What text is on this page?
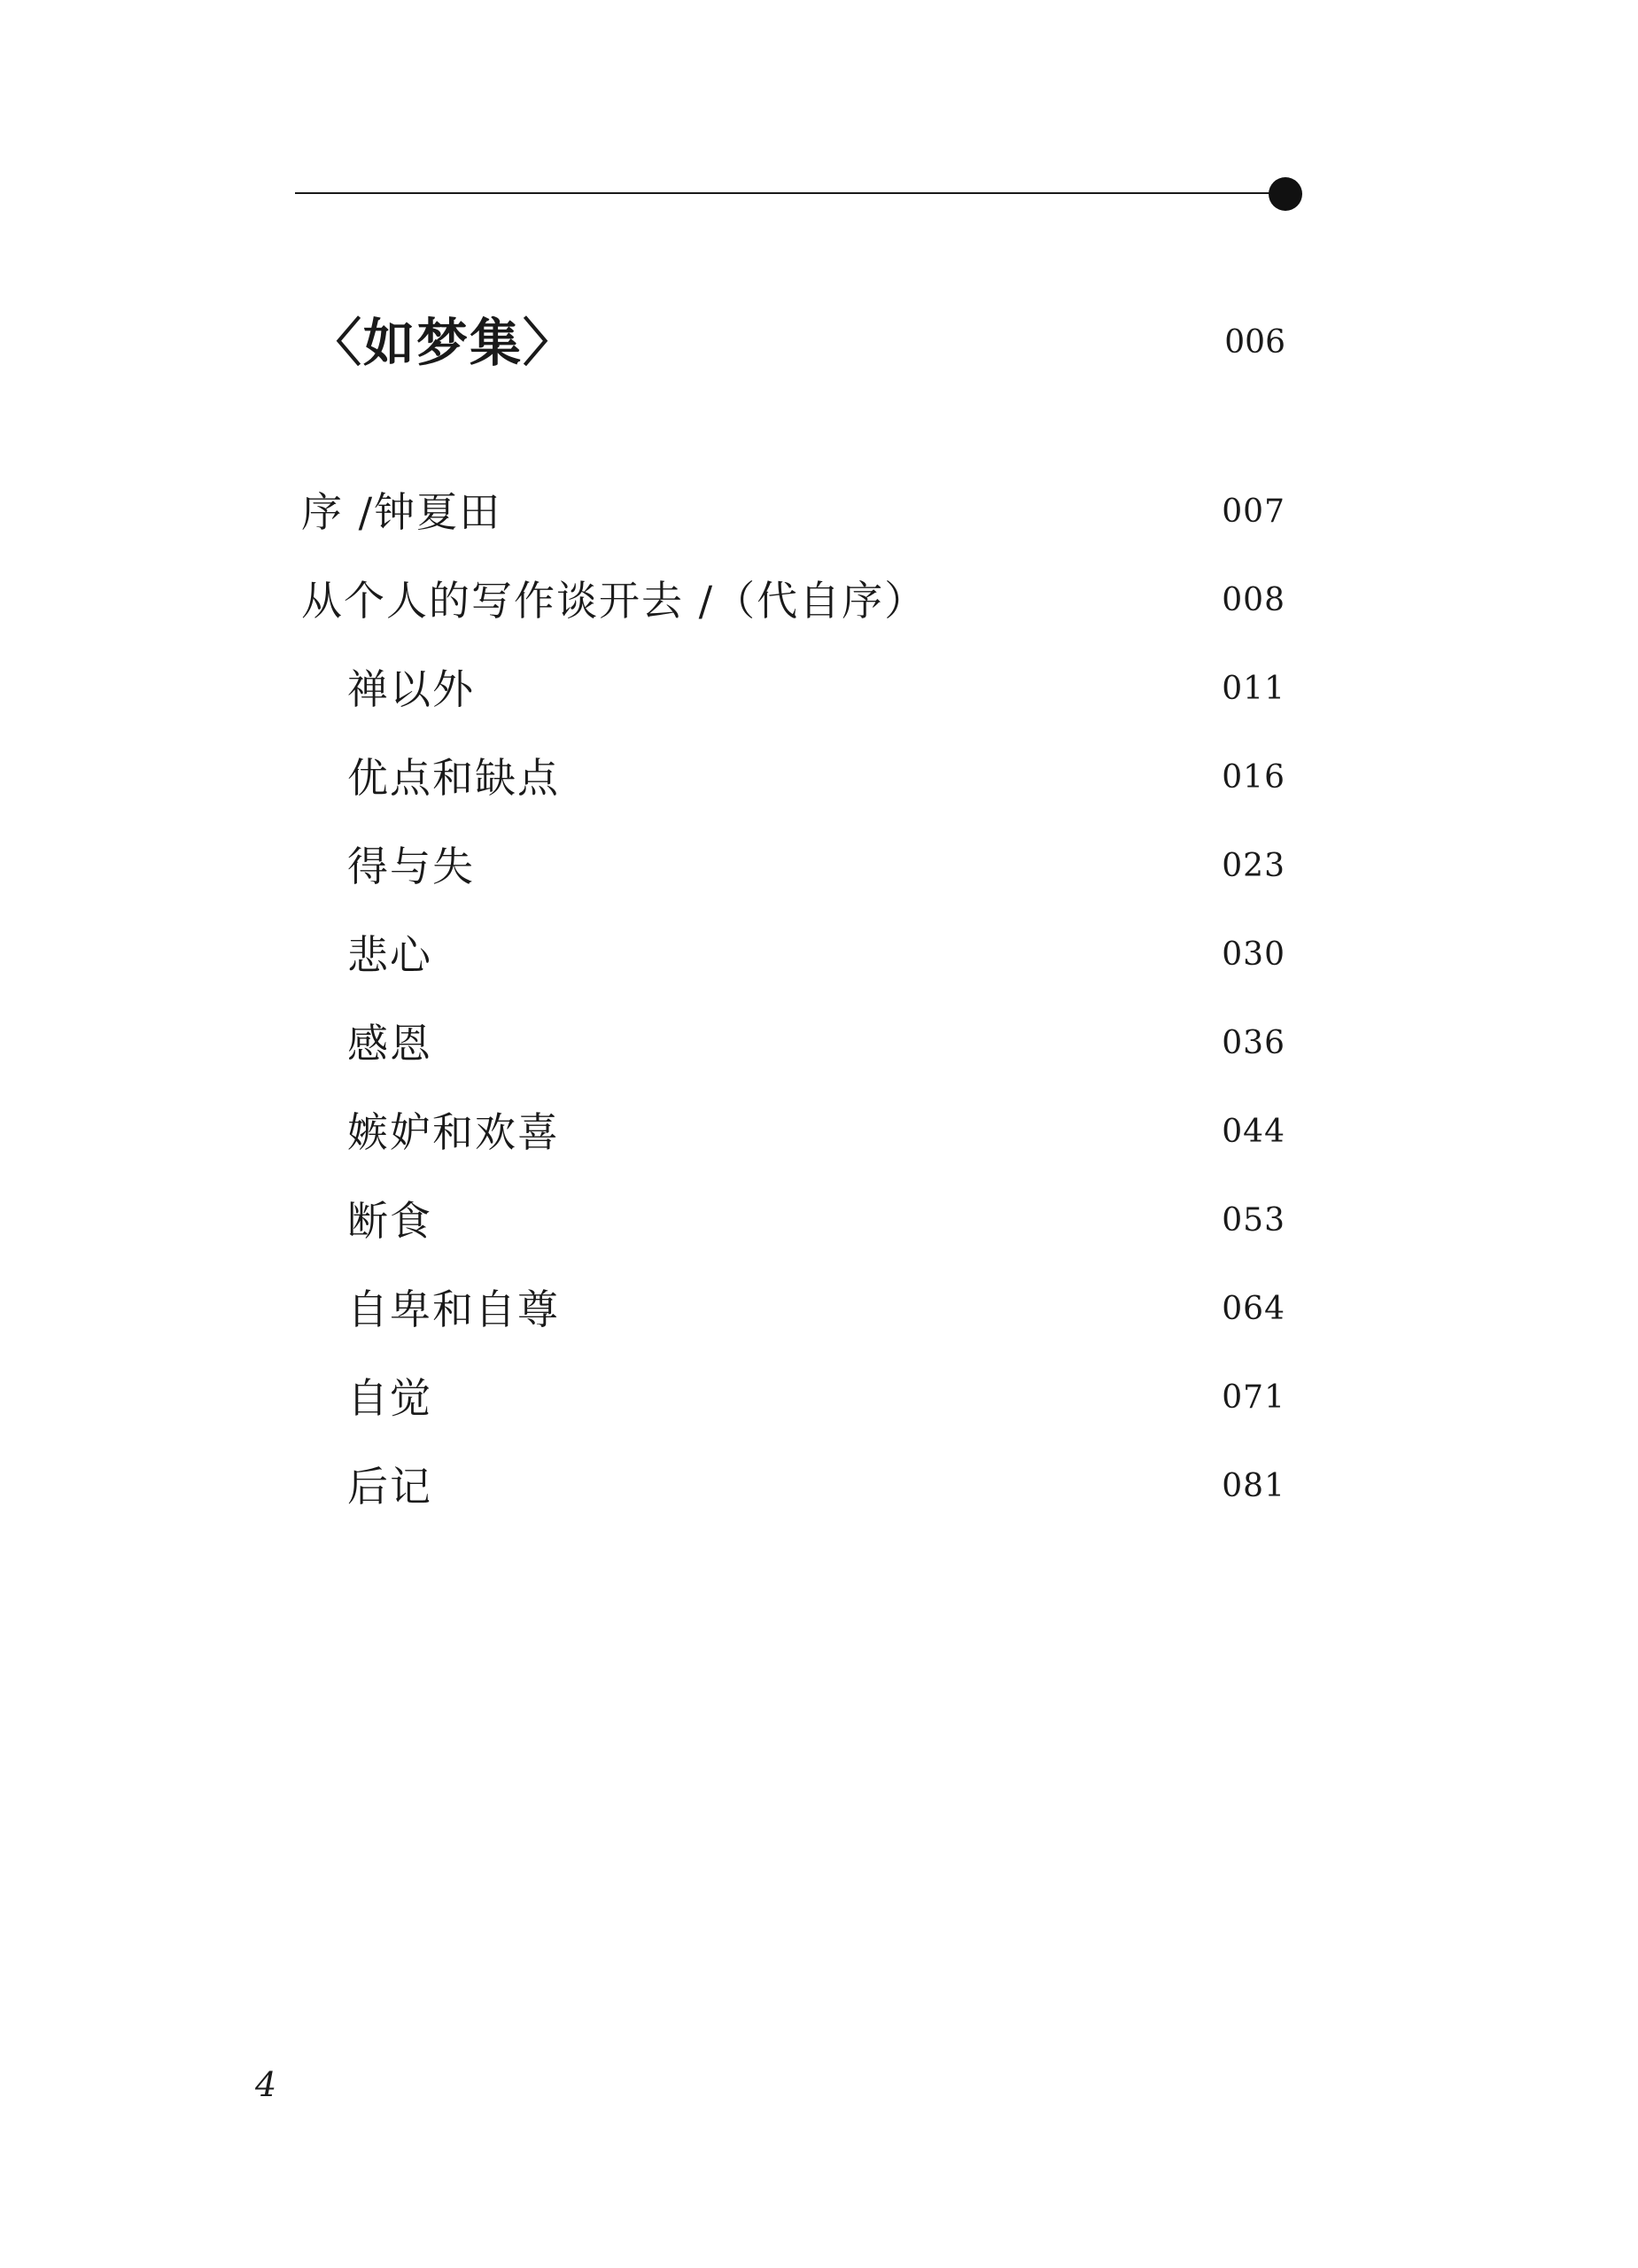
〈如梦集〉	006
序 /钟夏田	007
从个人的写作谈开去 /（代自序）	008
禅以外	011
优点和缺点	016
得与失	023
悲心	030
感恩	036
嫉妒和欢喜	044
断食	053
自卑和自尊	064
自觉	071
后记	081
4
